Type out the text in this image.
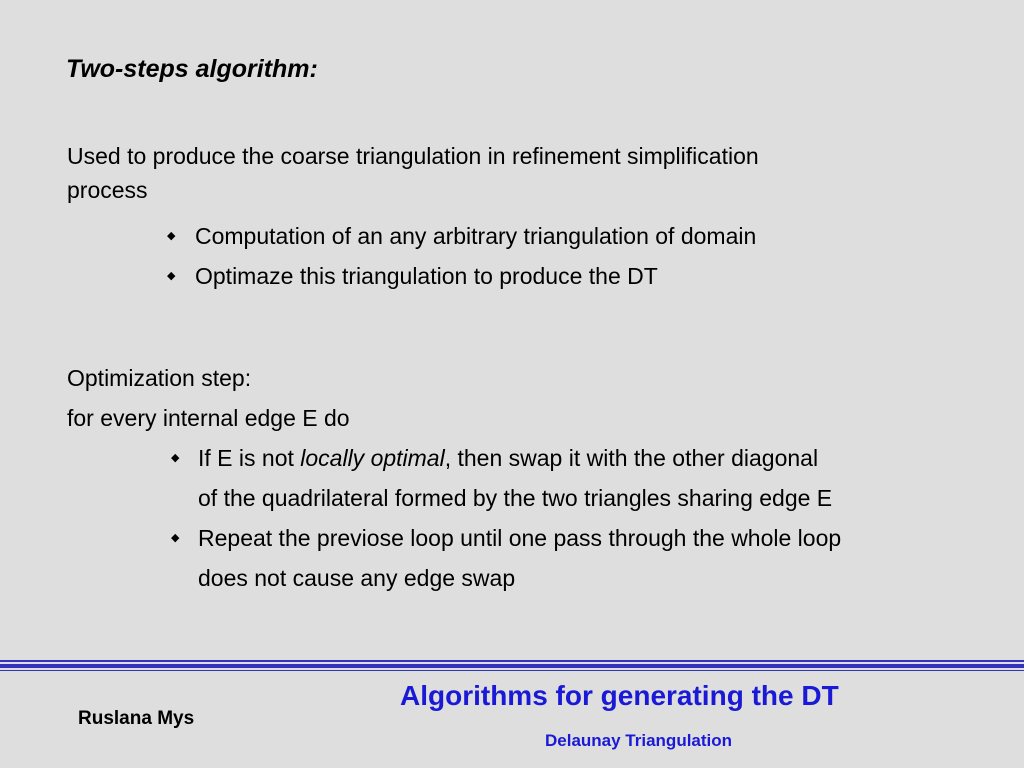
Two-steps algorithm:
Used to produce the coarse triangulation in refinement simplification
process
◆ Computation of an any arbitrary triangulation of domain
◆ Optimaze this triangulation to produce the DT
Optimization step:
for every internal edge E do
◆ If E is not locally optimal, then swap it with the other diagonal
of the quadrilateral formed by the two triangles sharing edge E
◆ Repeat the previose loop until one pass through the whole loop
does not cause any edge swap
Algorithms for generating the DT
Ruslana Mys
Delaunay Triangulation
